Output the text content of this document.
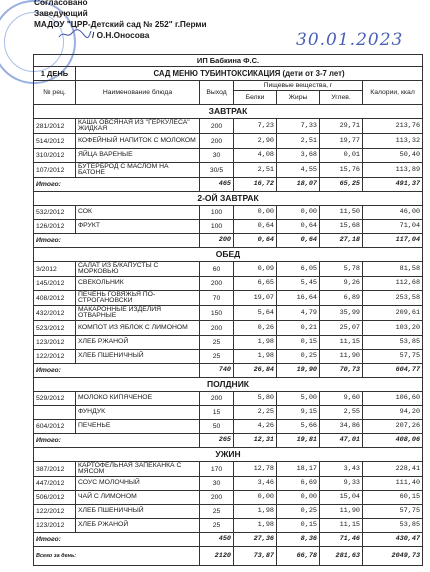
Согласовано
Заведующий
МАДОУ "ЦРР-Детский сад № 252" г.Перми
/ О.Н.Оносова	30.01.2023
ИП Бабкина Ф.С.						
1 ДЕНЬ	САД МЕНЮ ТУБИНТОКСИКАЦИЯ (дети от 3-7 лет)					
№ рец.	Наименование блюда	Выход	Пищевые вещества, г			Калории, ккал
			Белки	Жиры	Углев.	
ЗАВТРАК						
281/2012	КАША ОВСЯНАЯ ИЗ "ГЕРКУЛЕСА" ЖИДКАЯ	200	7,23	7,33	29,71	213,76
514/2012	КОФЕЙНЫЙ НАПИТОК С МОЛОКОМ	200	2,90	2,51	19,77	113,32
310/2012	ЯЙЦА ВАРЕНЫЕ	30	4,08	3,68	0,01	50,40
107/2012	БУТЕРБРОД С МАСЛОМ НА БАТОНЕ	30/5	2,51	4,55	15,76	113,89
Итого:		465	16,72	18,07	65,25	491,37
2-ОЙ ЗАВТРАК						
532/2012	СОК	100	0,00	0,00	11,50	46,00
126/2012	ФРУКТ	100	0,64	0,64	15,68	71,04
Итого:		200	0,64	0,64	27,18	117,04
ОБЕД						
3/2012	САЛАТ ИЗ Б/КАПУСТЫ С МОРКОВЬЮ	60	0,09	6,05	5,78	81,58
145/2012	СВЕКОЛЬНИК	200	6,65	5,45	9,26	112,68
408/2012	ПЕЧЕНЬ ГОВЯЖЬЯ ПО-СТРОГАНОВСКИ	70	19,07	16,64	6,89	253,58
432/2012	МАКАРОННЫЕ ИЗДЕЛИЯ ОТВАРНЫЕ	150	5,64	4,79	35,99	209,61
523/2012	КОМПОТ ИЗ ЯБЛОК С ЛИМОНОМ	200	0,26	0,21	25,07	103,20
123/2012	ХЛЕБ РЖАНОЙ	25	1,98	0,15	11,15	53,85
122/2012	ХЛЕБ ПШЕНИЧНЫЙ	25	1,98	0,25	11,90	57,75
Итого:		740	26,84	19,90	70,73	604,77
ПОЛДНИК						
529/2012	МОЛОКО КИПЯЧЕНОЕ	200	5,80	5,00	9,60	106,60
	ФУНДУК	15	2,25	9,15	2,55	94,20
604/2012	ПЕЧЕНЬЕ	50	4,26	5,66	34,86	207,26
Итого:		265	12,31	19,81	47,01	408,06
УЖИН						
387/2012	КАРТОФЕЛЬНАЯ ЗАПЕКАНКА С МЯСОМ	170	12,78	18,17	3,43	228,41
447/2012	СОУС МОЛОЧНЫЙ	30	3,46	6,69	9,33	111,40
506/2012	ЧАЙ С ЛИМОНОМ	200	0,00	0,00	15,04	60,15
122/2012	ХЛЕБ ПШЕНИЧНЫЙ	25	1,98	0,25	11,90	57,75
123/2012	ХЛЕБ РЖАНОЙ	25	1,98	0,15	11,15	53,85
Итого:		450	27,36	8,36	71,46	430,47
Всего за день:		2120	73,87	66,78	281,63	2049,73
